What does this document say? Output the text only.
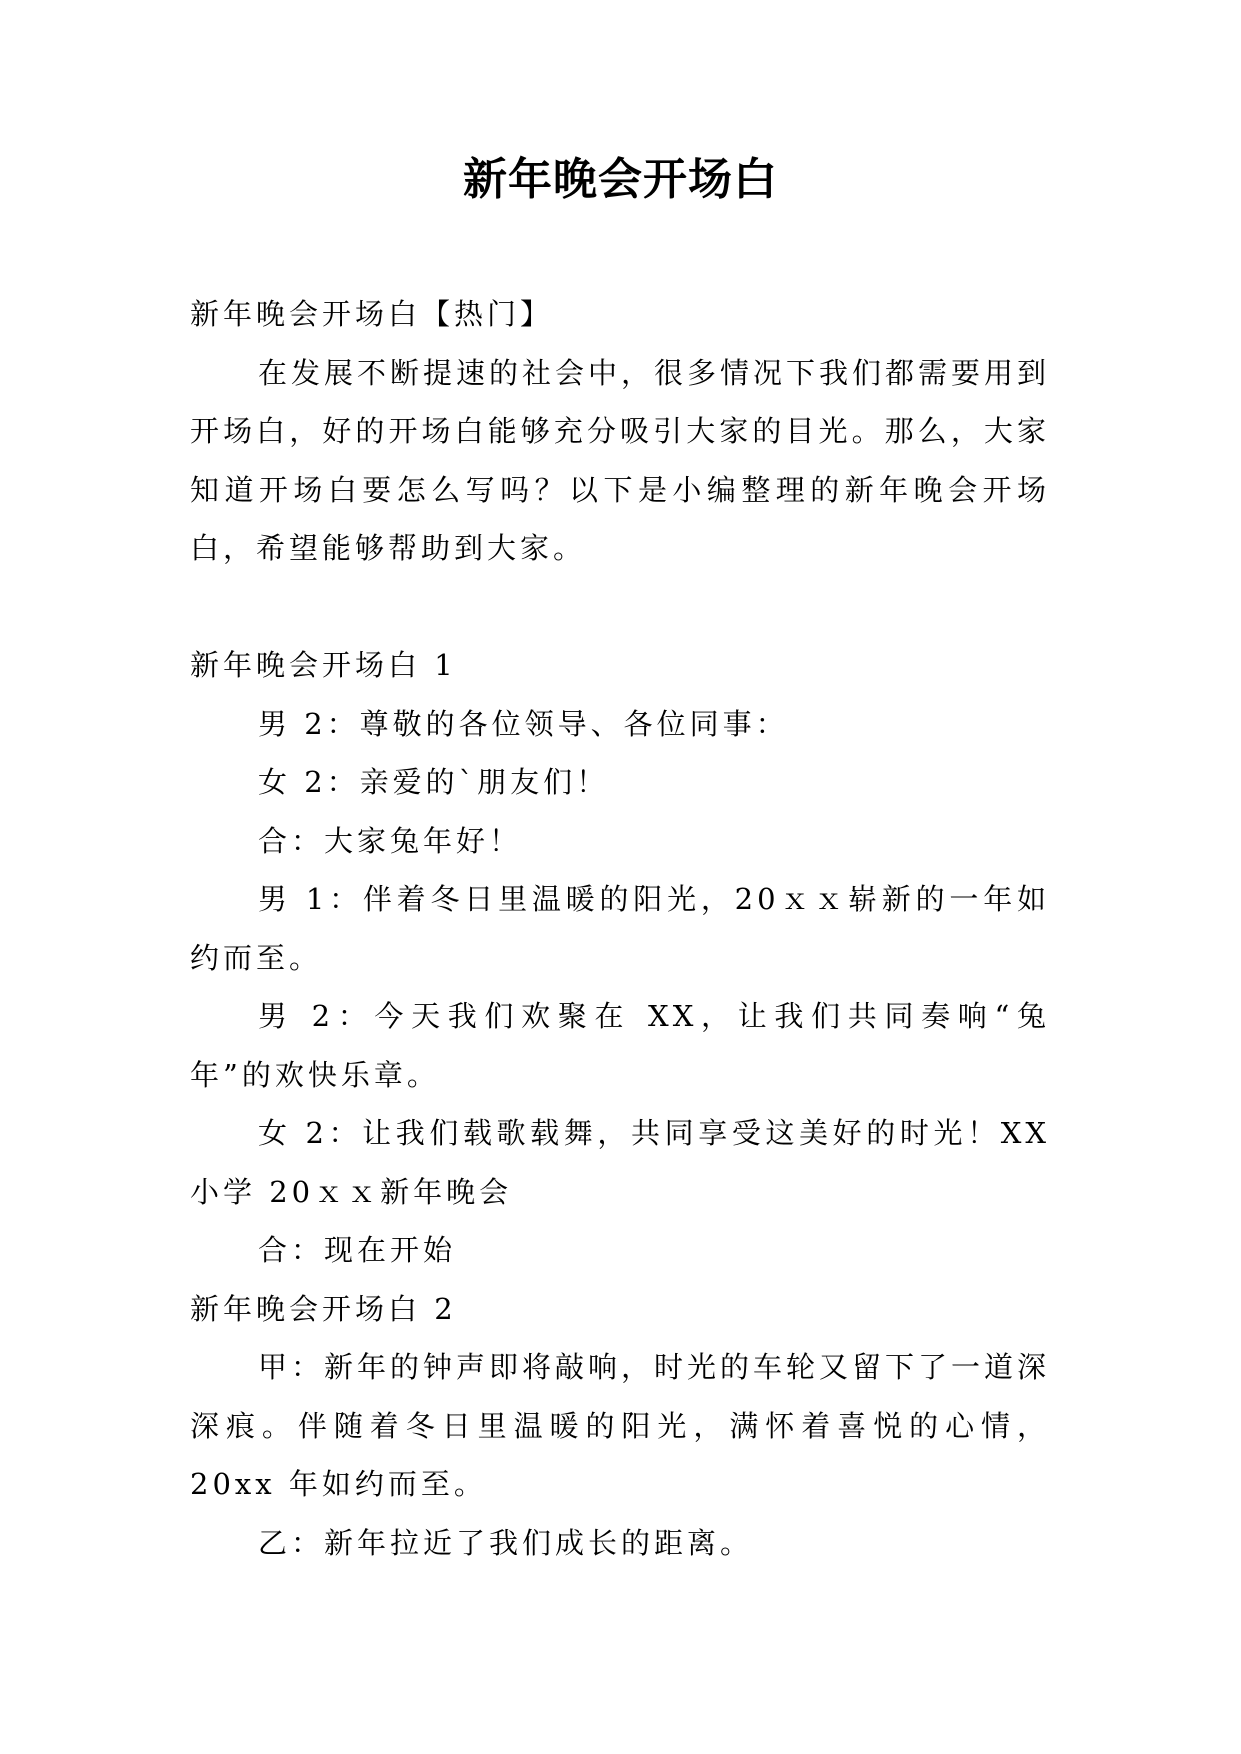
新年晚会开场白

新年晚会开场白【热门】

在发展不断提速的社会中，很多情况下我们都需要用到开场白，好的开场白能够充分吸引大家的目光。那么，大家知道开场白要怎么写吗？以下是小编整理的新年晚会开场白，希望能够帮助到大家。

新年晚会开场白 1

男 2：尊敬的各位领导、各位同事：

女 2：亲爱的`朋友们！

合：大家兔年好！

男 1：伴着冬日里温暖的阳光，20ｘｘ崭新的一年如约而至。

男 2：今天我们欢聚在 XX，让我们共同奏响“兔年”的欢快乐章。

女 2：让我们载歌载舞，共同享受这美好的时光！XX 小学 20ｘｘ新年晚会

合：现在开始

新年晚会开场白 2

甲：新年的钟声即将敲响，时光的车轮又留下了一道深深痕。伴随着冬日里温暖的阳光，满怀着喜悦的心情，20xx 年如约而至。

乙：新年拉近了我们成长的距离。
